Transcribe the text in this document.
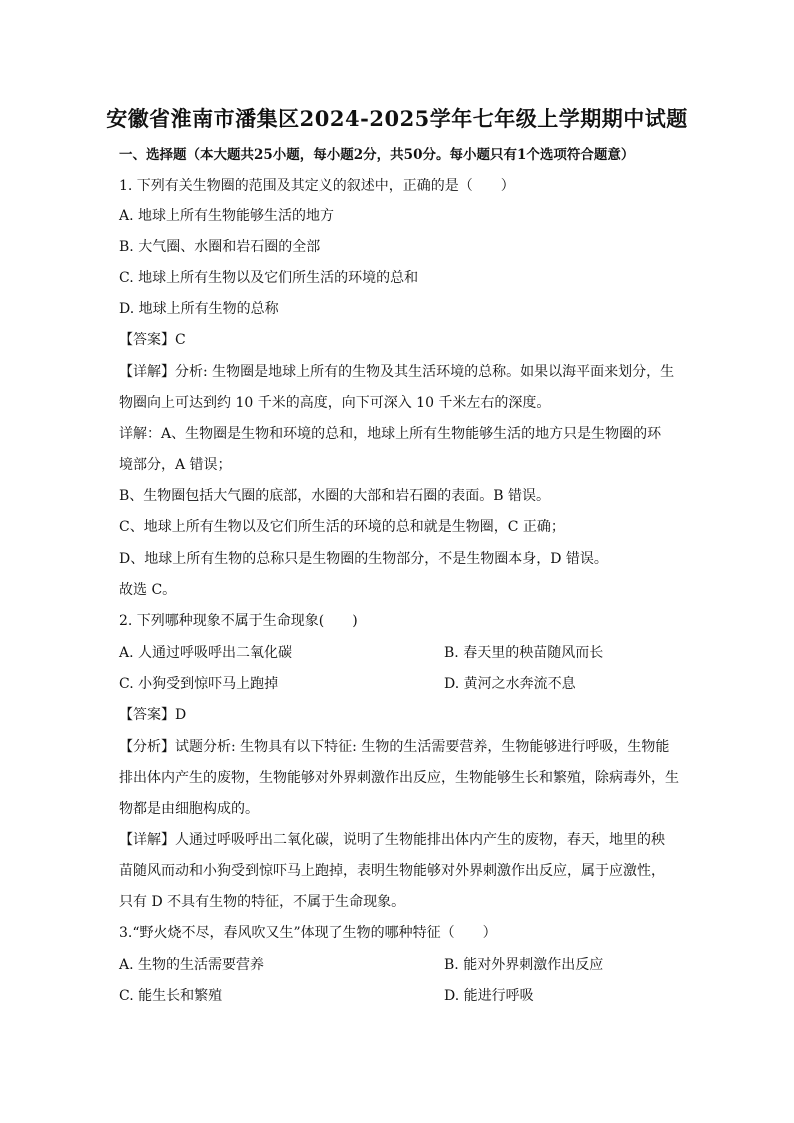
安徽省淮南市潘集区2024-2025学年七年级上学期期中试题
一、选择题（本大题共25小题，每小题2分，共50分。每小题只有1个选项符合题意）
1. 下列有关生物圈的范围及其定义的叙述中，正确的是（　　）
A. 地球上所有生物能够生活的地方
B. 大气圈、水圈和岩石圈的全部
C. 地球上所有生物以及它们所生活的环境的总和
D. 地球上所有生物的总称
【答案】C
【详解】分析: 生物圈是地球上所有的生物及其生活环境的总称。如果以海平面来划分，生
物圈向上可达到约 10 千米的高度，向下可深入 10 千米左右的深度。
详解：A、生物圈是生物和环境的总和，地球上所有生物能够生活的地方只是生物圈的环
境部分，A 错误；
B、生物圈包括大气圈的底部，水圈的大部和岩石圈的表面。B 错误。
C、地球上所有生物以及它们所生活的环境的总和就是生物圈，C 正确；
D、地球上所有生物的总称只是生物圈的生物部分，不是生物圈本身，D 错误。
故选 C。
2. 下列哪种现象不属于生命现象(　　)
A. 人通过呼吸呼出二氧化碳	B. 春天里的秧苗随风而长
C. 小狗受到惊吓马上跑掉	D. 黄河之水奔流不息
【答案】D
【分析】试题分析: 生物具有以下特征: 生物的生活需要营养，生物能够进行呼吸，生物能
排出体内产生的废物，生物能够对外界刺激作出反应，生物能够生长和繁殖，除病毒外，生
物都是由细胞构成的。
【详解】人通过呼吸呼出二氧化碳，说明了生物能排出体内产生的废物，春天，地里的秧
苗随风而动和小狗受到惊吓马上跑掉，表明生物能够对外界刺激作出反应，属于应激性，
只有 D 不具有生物的特征，不属于生命现象。
3.“野火烧不尽，春风吹又生”体现了生物的哪种特征（　　）
A. 生物的生活需要营养	B. 能对外界刺激作出反应
C. 能生长和繁殖	D. 能进行呼吸
